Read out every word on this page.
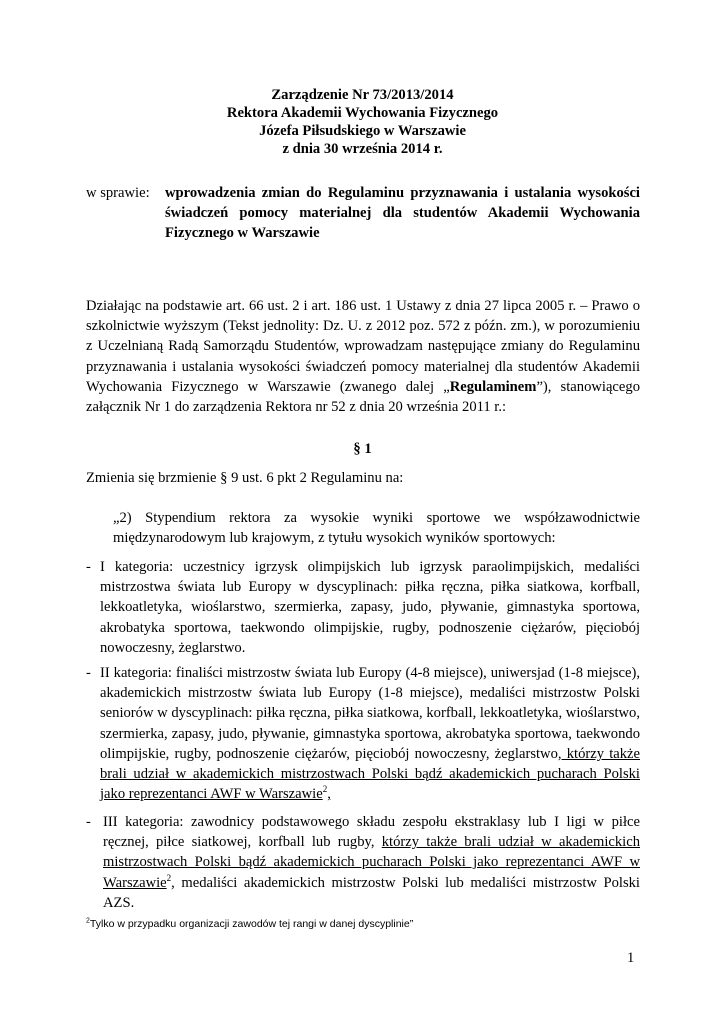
Zarządzenie Nr 73/2013/2014
Rektora Akademii Wychowania Fizycznego
Józefa Piłsudskiego w Warszawie
z dnia 30 września 2014 r.
w sprawie: wprowadzenia zmian do Regulaminu przyznawania i ustalania wysokości świadczeń pomocy materialnej dla studentów Akademii Wychowania Fizycznego w Warszawie
Działając na podstawie art. 66 ust. 2 i art. 186 ust. 1 Ustawy z dnia 27 lipca 2005 r. – Prawo o szkolnictwie wyższym (Tekst jednolity: Dz. U. z 2012 poz. 572 z późn. zm.), w porozumieniu z Uczelnianą Radą Samorządu Studentów, wprowadzam następujące zmiany do Regulaminu przyznawania i ustalania wysokości świadczeń pomocy materialnej dla studentów Akademii Wychowania Fizycznego w Warszawie (zwanego dalej „Regulaminem”), stanowiącego załącznik Nr 1 do zarządzenia Rektora nr 52 z dnia 20 września 2011 r.:
§ 1
Zmienia się brzmienie § 9 ust. 6 pkt 2 Regulaminu na:
„2) Stypendium rektora za wysokie wyniki sportowe we współzawodnictwie międzynarodowym lub krajowym, z tytułu wysokich wyników sportowych:
- I kategoria: uczestnicy igrzysk olimpijskich lub igrzysk paraolimpijskich, medaliści mistrzostwa świata lub Europy w dyscyplinach: piłka ręczna, piłka siatkowa, korfball, lekkoatletyka, wioślarstwo, szermierka, zapasy, judo, pływanie, gimnastyka sportowa, akrobatyka sportowa, taekwondo olimpijskie, rugby, podnoszenie ciężarów, pięciobój nowoczesny, żeglarstwo.
- II kategoria: finaliści mistrzostw świata lub Europy (4-8 miejsce), uniwersjad (1-8 miejsce), akademickich mistrzostw świata lub Europy (1-8 miejsce), medaliści mistrzostw Polski seniorów w dyscyplinach: piłka ręczna, piłka siatkowa, korfball, lekkoatletyka, wioślarstwo, szermierka, zapasy, judo, pływanie, gimnastyka sportowa, akrobatyka sportowa, taekwondo olimpijskie, rugby, podnoszenie ciężarów, pięciobój nowoczesny, żeglarstwo, którzy także brali udział w akademickich mistrzostwach Polski bądź akademickich pucharach Polski jako reprezentanci AWF w Warszawie$^2$,
- III kategoria: zawodnicy podstawowego składu zespołu ekstraklasy lub I ligi w piłce ręcznej, piłce siatkowej, korfball lub rugby, którzy także brali udział w akademickich mistrzostwach Polski bądź akademickich pucharach Polski jako reprezentanci AWF w Warszawie$^2$, medaliści akademickich mistrzostw Polski lub medaliści mistrzostw Polski AZS.
$^2$Tylko w przypadku organizacji zawodów tej rangi w danej dyscyplinie”
1
